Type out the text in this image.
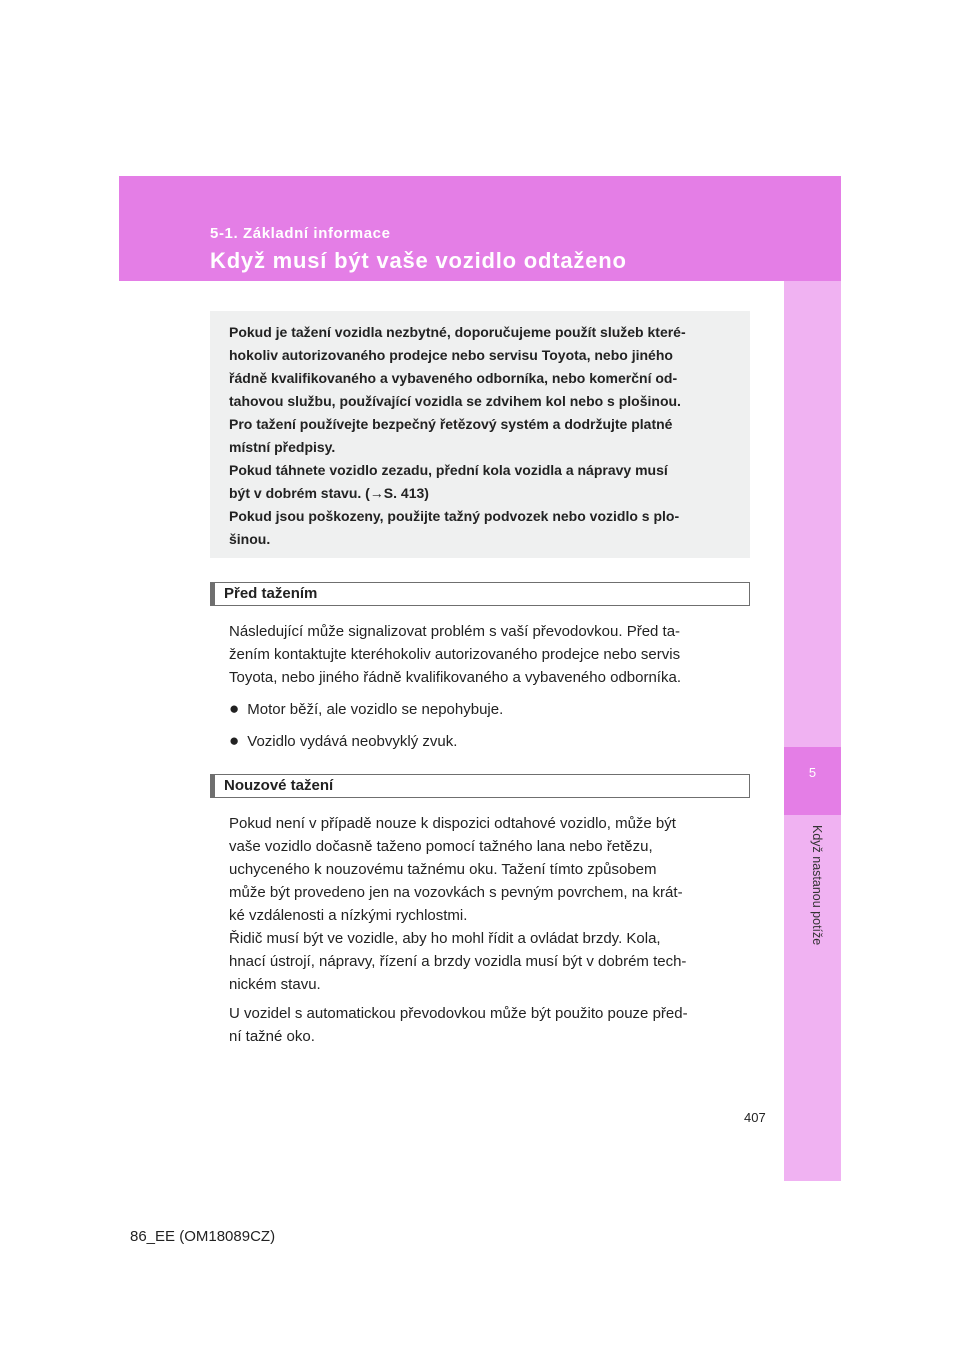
5-1. Základní informace
Když musí být vaše vozidlo odtaženo
5
Když nastanou potíže

Pokud je tažení vozidla nezbytné, doporučujeme použít služeb které-

hokoliv autorizovaného prodejce nebo servisu Toyota, nebo jiného

řádně kvalifikovaného a vybaveného odborníka, nebo komerční od-

tahovou službu, používající vozidla se zdvihem kol nebo s plošinou.

Pro tažení používejte bezpečný řetězový systém a dodržujte platné

místní předpisy.

Pokud táhnete vozidlo zezadu, přední kola vozidla a nápravy musí

být v dobrém stavu. (→S. 413)

Pokud jsou poškozeny, použijte tažný podvozek nebo vozidlo s plo-

šinou.

Před tažením

Následující může signalizovat problém s vaší převodovkou. Před ta-

žením kontaktujte kteréhokoliv autorizovaného prodejce nebo servis

Toyota, nebo jiného řádně kvalifikovaného a vybaveného odborníka.

● Motor běží, ale vozidlo se nepohybuje.
● Vozidlo vydává neobvyklý zvuk.
Nouzové tažení

Pokud není v případě nouze k dispozici odtahové vozidlo, může být

vaše vozidlo dočasně taženo pomocí tažného lana nebo řetězu,

uchyceného k nouzovému tažnému oku. Tažení tímto způsobem

může být provedeno jen na vozovkách s pevným povrchem, na krát-

ké vzdálenosti a nízkými rychlostmi.

Řidič musí být ve vozidle, aby ho mohl řídit a ovládat brzdy. Kola,

hnací ústrojí, nápravy, řízení a brzdy vozidla musí být v dobrém tech-

nickém stavu.

U vozidel s automatickou převodovkou může být použito pouze před-

ní tažné oko.

407
86_EE (OM18089CZ)
